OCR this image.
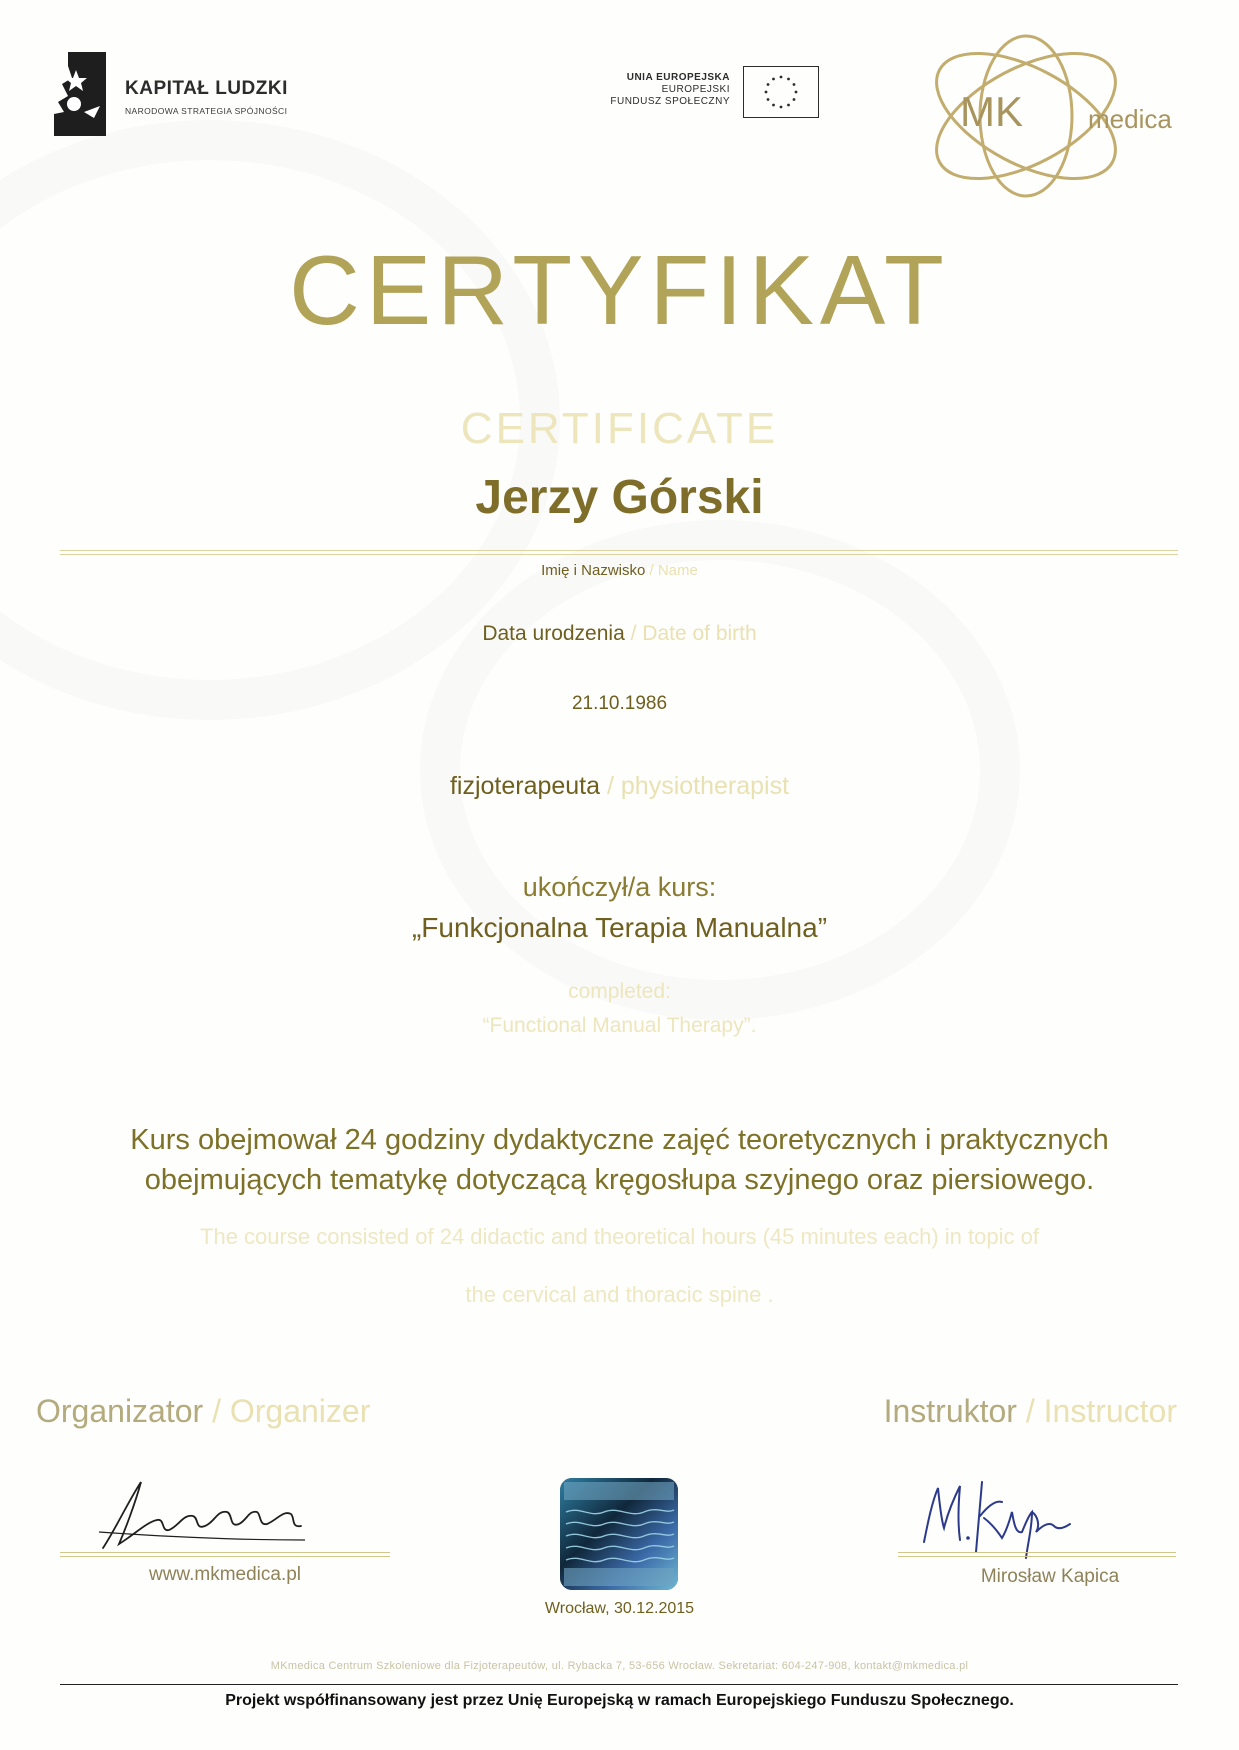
KAPITAŁ LUDZKI
NARODOWA STRATEGIA SPÓJNOŚCI
UNIA EUROPEJSKA
EUROPEJSKI
FUNDUSZ SPOŁECZNY	MK	medica
CERTYFIKAT
CERTIFICATE
Jerzy Górski
Imię i Nazwisko / Name
Data urodzenia / Date of birth
21.10.1986
fizjoterapeuta / physiotherapist
ukończył/a kurs:
„Funkcjonalna Terapia Manualna”
completed:
“Functional Manual Therapy”.
Kurs obejmował 24 godziny dydaktyczne zajęć teoretycznych i praktycznych
obejmujących tematykę dotyczącą kręgosłupa szyjnego oraz piersiowego.
The course consisted of 24 didactic and theoretical hours (45 minutes each) in topic of
the cervical and thoracic spine .
Organizator / Organizer	Instruktor / Instructor
www.mkmedica.pl	Mirosław Kapica
Wrocław, 30.12.2015
MKmedica Centrum Szkoleniowe dla Fizjoterapeutów, ul. Rybacka 7, 53-656 Wrocław. Sekretariat: 604-247-908, kontakt@mkmedica.pl
Projekt współfinansowany jest przez Unię Europejską w ramach Europejskiego Funduszu Społecznego.
